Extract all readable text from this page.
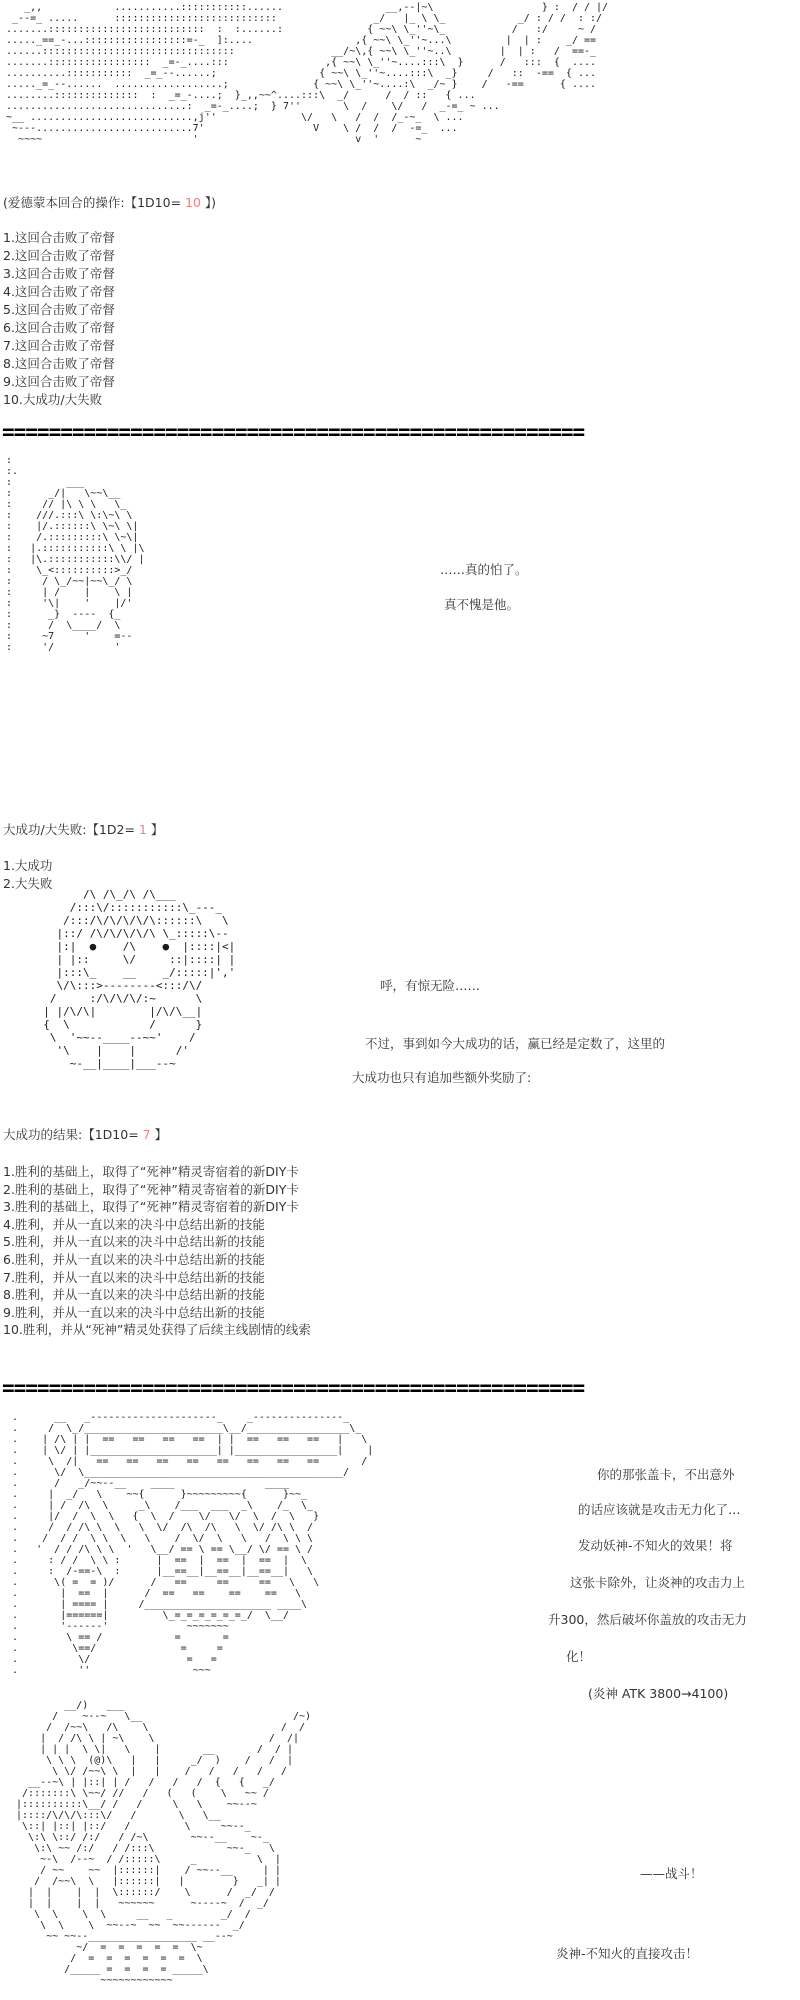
_,,            ...........:::::::::::......                 __,--|~\                  } :  / / |/
_--=_ .....      :::::::::::::::::::::::::::                _/   |_ \ \_            _/ : / /  : :/
.......::::::::::::::::::::::::::  :  :......:              { ~~\ \_''~\_           /   :/     ~ /
....._==_-...:::::::::::::::::=-_  ]:....                 ,{ ~~\ \_''~...\         |  | :    _/ ==
......::::::::::::::::::::::::::::::::                __/~\,{ ~~\ \_''~..\        |  | :   /  ==-_
.......:::::::::::::::::  _=-_....:::                ,{ ~~\ \_''~....:::\  }      /   :::  {  ....
..........:::::::::::  _=_--......;                 { ~~\ \_''~....:::\  _}     /   ::  -==  { ...
....._=_--......  ..................;              { ~~\ \_''~....:\  _/~ }    /   -==      { ....
........::::::::::::::  :  _=_-....;  }_,,~~^....:::\  _/      /  / ::   { ...
..............................:  _=-_....;  } 7''       \  /    \/   /  _-=_ ~ ...
~__ ...........................,j''              \/   \   /  /  /_-~_  \ ...
~---..........................7'                  V    \ /  /  /  -=_  ...
~~~~                         '                          v  '      ~
(爱德蒙本回合的操作:【1D10= 10 】)
1.这回合击败了帝督
2.这回合击败了帝督
3.这回合击败了帝督
4.这回合击败了帝督
5.这回合击败了帝督
6.这回合击败了帝督
7.这回合击败了帝督
8.这回合击败了帝督
9.这回合击败了帝督
10.大成功/大失败
==================================================
:
:.
:         ___
:      _/|   \~~\__
:     // |\ \ \   \_
:    ///.:::\ \:\~\ \
:    |/.::::::\ \~\ \|
:    /.:::::::::\ \~\|
:   |.:::::::::::\ \ |\
:   |\.:::::::::::\\/ |
:    \_<::::::::::>_/
:     / \_/~~|~~\_/ \
:     | /    |    \ |
:     '\|    '    |/'
:      _}  ----  {_
:      /  \____/  \
:     ~7     '    =--
:     '/          '
……真的怕了。
真不愧是他。
大成功/大失败:【1D2= 1 】
1.大成功
2.大失败
/\ /\_/\ /\___
/:::\/:::::::::::\_---_
/:::/\/\/\/\/\::::::\   \
|::/ /\/\/\/\/\ \_:::::\--
|:|  ●    /\    ●  |::::|<|
| |::     \/     ::|::::| |
|:::\_    __    _/:::::|','
\/\:::>--------<:::/\/
/     :/\/\/\/:~      \
| |/\/\|        |/\/\__|
{  \            /      }
\  '~~--____--~~'    /
'\    |    |      /'
~-__|____|___--~
呼，有惊无险……
不过，事到如今大成功的话，赢已经是定数了，这里的
大成功也只有追加些额外奖励了:
大成功的结果:【1D10= 7 】
1.胜利的基础上，取得了“死神”精灵寄宿着的新DIY卡
2.胜利的基础上，取得了“死神”精灵寄宿着的新DIY卡
3.胜利的基础上，取得了“死神”精灵寄宿着的新DIY卡
4.胜利，并从一直以来的决斗中总结出新的技能
5.胜利，并从一直以来的决斗中总结出新的技能
6.胜利，并从一直以来的决斗中总结出新的技能
7.胜利，并从一直以来的决斗中总结出新的技能
8.胜利，并从一直以来的决斗中总结出新的技能
9.胜利，并从一直以来的决斗中总结出新的技能
10.胜利，并从“死神”精灵处获得了后续主线剧情的线索
==================================================
.      __   _---------------------_    _---------------_
.     /  \_/_______________________\__/_________________\_
.    | /\ | |  ==   ==   ==   ==  | |  ==   ==   ==   |   \
.    | \/ | |_____________________| |_________________|    |
.     \  /|   ==   ==   ==   ==   ==   ==   ==   ==       /
.      \/  \___________________________________________/
.      /   _/~~--__    ____               ____
.     |  _/   \    ~~{      }~~~~~~~~~{      }~~_
.     | /  /\  \     _\    /___  ___  _\    /_  \_
.     |/  /  \  \   {  \  /    \/   \/  \  /  \   }
.     /  / /\ \  \   \  \/  /\  /\   \  \/ /\ \  /
.    /  / /  \ \  \   \    /  \/  \   \   /  \ \ \
.   '  / / /\ \ \  '   \__/ == \ == \__/ \/ == \ /
.     : / /  \ \ :      |  ==  |  ==  |  ==  |  \
.     :  /-==-\  :      |__==__|__==__|__==__|   \
.      \( =  = )/      /   ==     ==     ==   \   \
.       |  ==  |      /  ==   ==    ==    ==   \
.       | ==== |     /_____________________ ____\
.       |======|         \_=_=_=_=_=_=_/  \__/
.       '------'             ~~~~~~~
.        \ == /            =       =
.         \==/              =     =
.          \/                =   =
.          ''                 ~~~
你的那张盖卡，不出意外
的话应该就是攻击无力化了…
发动妖神-不知火的效果！将
这张卡除外，让炎神的攻击力上
升300，然后破坏你盖放的攻击无力
化！
(炎神 ATK 3800→4100)
__/)   ___
/    ~--~   \__                         /~)
/  /~~\   /\    \                      /  /
|  / /\ \ | ~\    \                   /  /|
| | |  \ \|   \    |       __       /  / |
\ \ \  (@)\   |   |     _/  )    /   /  |
\ \/ /~~\ \  |   |    /   /   /   /   /
__--~\ | |::| | /   /   /   /  {   {   _/
/:::::::\ \~~/ //   /   (   (    \   ~~ /
|::::::::::\__/ /   /     \   \    ~~--~
|::::/\/\/\:::\/   /       \   \__
\::| |::| |::/   /         \     ~~--_
\:\ \::/ /:/   / /~\       ~~--__    ~-_
\:\ ~~ /:/   / /:::\            ~~-_   \
~-\  /--~  / /:::::\     _          \  |
/ ~~    ~~  |::::::|    / ~~--__     | |
/  /~~\  \   |::::::|   |        }   _| |
|  |    |  |  \::::::/    \      /  _/  /
|  |    |  |   ~~~~~~      ~----~  /  _/
\  \    \  \     __   _        _/  /
\  \    \  ~~--~  ~~  ~~------  _/
~~ ~~--__________________ __--~
~/  =  =  =  =  =  \~
/  =  =  =  =  =  =  \
/_____ =  =  =  = _____\
~~~~~~~~~~~~
——战斗！
炎神-不知火的直接攻击！
